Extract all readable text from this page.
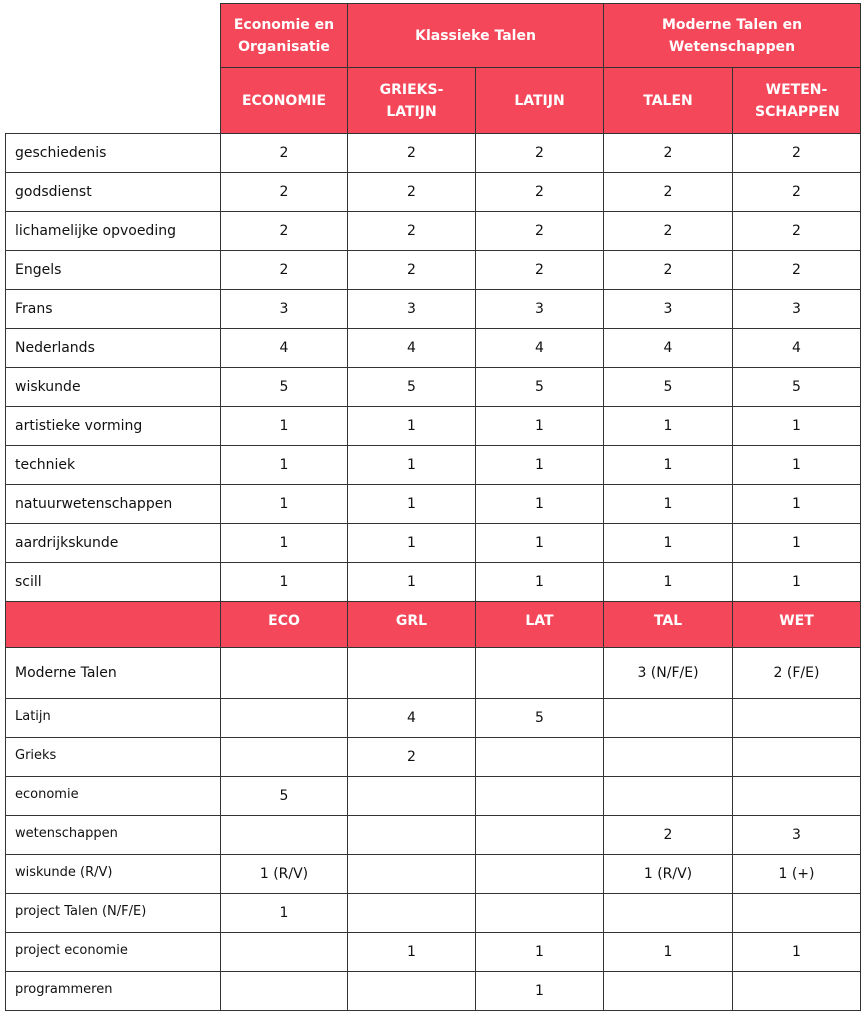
	Economie en Organisatie	Klassieke Talen		Moderne Talen en Wetenschappen	
	ECONOMIE	GRIEKS-LATIJN	LATIJN	TALEN	WETEN-SCHAPPEN
geschiedenis	2	2	2	2	2
godsdienst	2	2	2	2	2
lichamelijke opvoeding	2	2	2	2	2
Engels	2	2	2	2	2
Frans	3	3	3	3	3
Nederlands	4	4	4	4	4
wiskunde	5	5	5	5	5
artistieke vorming	1	1	1	1	1
techniek	1	1	1	1	1
natuurwetenschappen	1	1	1	1	1
aardrijkskunde	1	1	1	1	1
scill	1	1	1	1	1
	ECO	GRL	LAT	TAL	WET
Moderne Talen				3 (N/F/E)	2 (F/E)
Latijn		4	5		
Grieks		2			
economie	5				
wetenschappen				2	3
wiskunde (R/V)	1 (R/V)			1 (R/V)	1 (+)
project Talen (N/F/E)	1				
project economie		1	1	1	1
programmeren			1		
